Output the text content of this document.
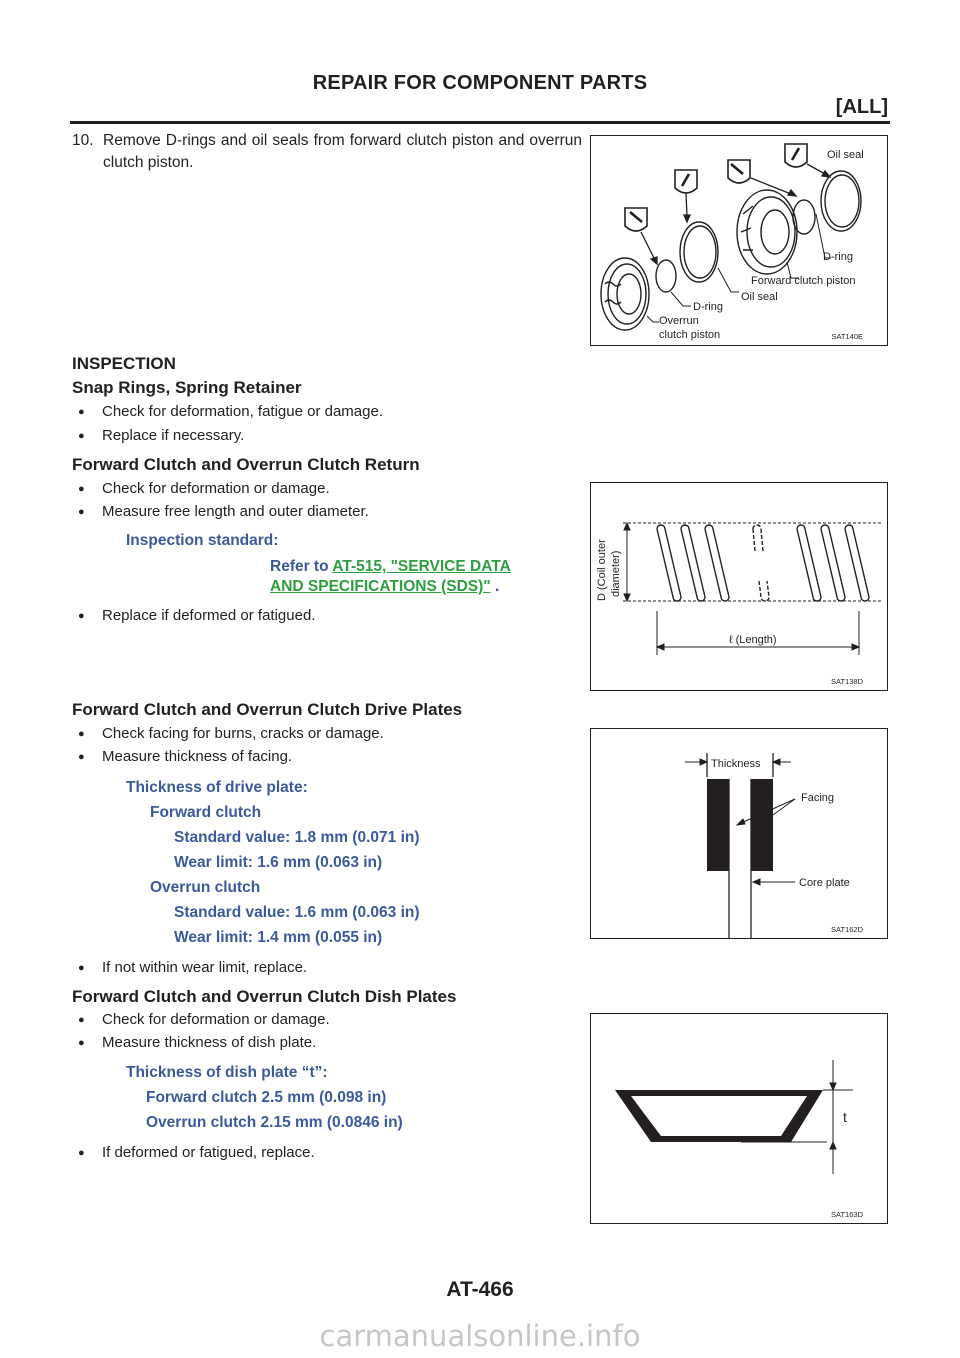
REPAIR FOR COMPONENT PARTS
[ALL]
10. Remove D-rings and oil seals from forward clutch piston and overrun clutch piston.	Oil seal
D-ring
Forward clutch piston
Oil seal
D-ring
Overrun
clutch piston	SAT140E
INSPECTION
Snap Rings, Spring Retainer
● Check for deformation, fatigue or damage.
● Replace if necessary.
Forward Clutch and Overrun Clutch Return
● Check for deformation or damage.
● Measure free length and outer diameter.
Inspection standard:
Refer to AT-515, "SERVICE DATA
AND SPECIFICATIONS (SDS)" .
● Replace if deformed or fatigued.
D (Coil outer diameter)
ℓ (Length)
SAT138D
Forward Clutch and Overrun Clutch Drive Plates
● Check facing for burns, cracks or damage.
● Measure thickness of facing.
Thickness of drive plate:
Forward clutch
Standard value: 1.8 mm (0.071 in)
Wear limit: 1.6 mm (0.063 in)
Overrun clutch
Standard value: 1.6 mm (0.063 in)
Wear limit: 1.4 mm (0.055 in)
● If not within wear limit, replace.
Thickness
Facing
Core plate
SAT162D
Forward Clutch and Overrun Clutch Dish Plates
● Check for deformation or damage.
● Measure thickness of dish plate.
Thickness of dish plate “t”:
Forward clutch 2.5 mm (0.098 in)
Overrun clutch 2.15 mm (0.0846 in)
● If deformed or fatigued, replace.
t
SAT163D
AT-466
carmanualsonline.info
